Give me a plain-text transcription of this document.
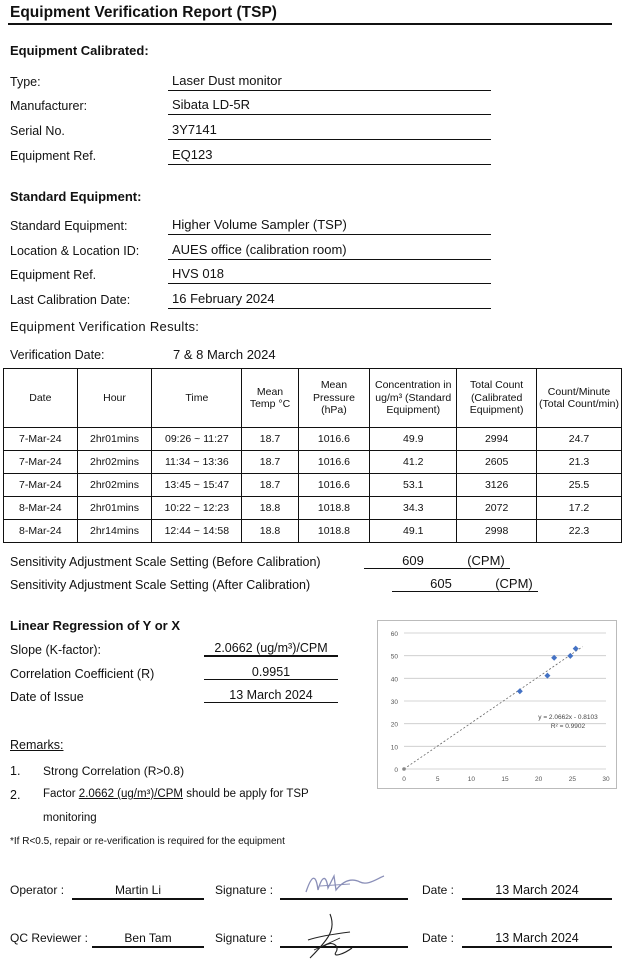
Equipment Verification Report (TSP)
Equipment Calibrated:
Type:	Laser Dust monitor
Manufacturer:	Sibata LD-5R
Serial No.	3Y7141
Equipment Ref.	EQ123
Standard Equipment:
Standard Equipment:	Higher Volume Sampler (TSP)
Location & Location ID:	AUES office (calibration room)
Equipment Ref.	HVS 018
Last Calibration Date:	16 February 2024
Equipment Verification Results:
Verification Date:	7 & 8 March 2024
Date	Hour	Time	Mean Temp °C	Mean Pressure (hPa)	Concentration in ug/m³ (Standard Equipment)	Total Count (Calibrated Equipment)	Count/Minute (Total Count/min)
7-Mar-24	2hr01mins	09:26 ~ 11:27	18.7	1016.6	49.9	2994	24.7
7-Mar-24	2hr02mins	11:34 ~ 13:36	18.7	1016.6	41.2	2605	21.3
7-Mar-24	2hr02mins	13:45 ~ 15:47	18.7	1016.6	53.1	3126	25.5
8-Mar-24	2hr01mins	10:22 ~ 12:23	18.8	1018.8	34.3	2072	17.2
8-Mar-24	2hr14mins	12:44 ~ 14:58	18.8	1018.8	49.1	2998	22.3
Sensitivity Adjustment Scale Setting (Before Calibration)	609	(CPM)
Sensitivity Adjustment Scale Setting (After Calibration)	605	(CPM)
Linear Regression of Y or X
Slope (K-factor):	2.0662 (ug/m³)/CPM
Correlation Coefficient (R)	0.9951
Date of Issue	13 March 2024
0
10
20
30
40
50
60
0	5	10	15	20	25	30
y = 2.0662x - 0.8103
R² = 0.9902
Remarks:
1. Strong Correlation (R>0.8)
2. Factor 2.0662 (ug/m³)/CPM should be apply for TSP
monitoring
*If R<0.5, repair or re-verification is required for the equipment
Operator :	Martin Li	Signature :	Date :	13 March 2024
QC Reviewer :	Ben Tam	Signature :	Date :	13 March 2024
